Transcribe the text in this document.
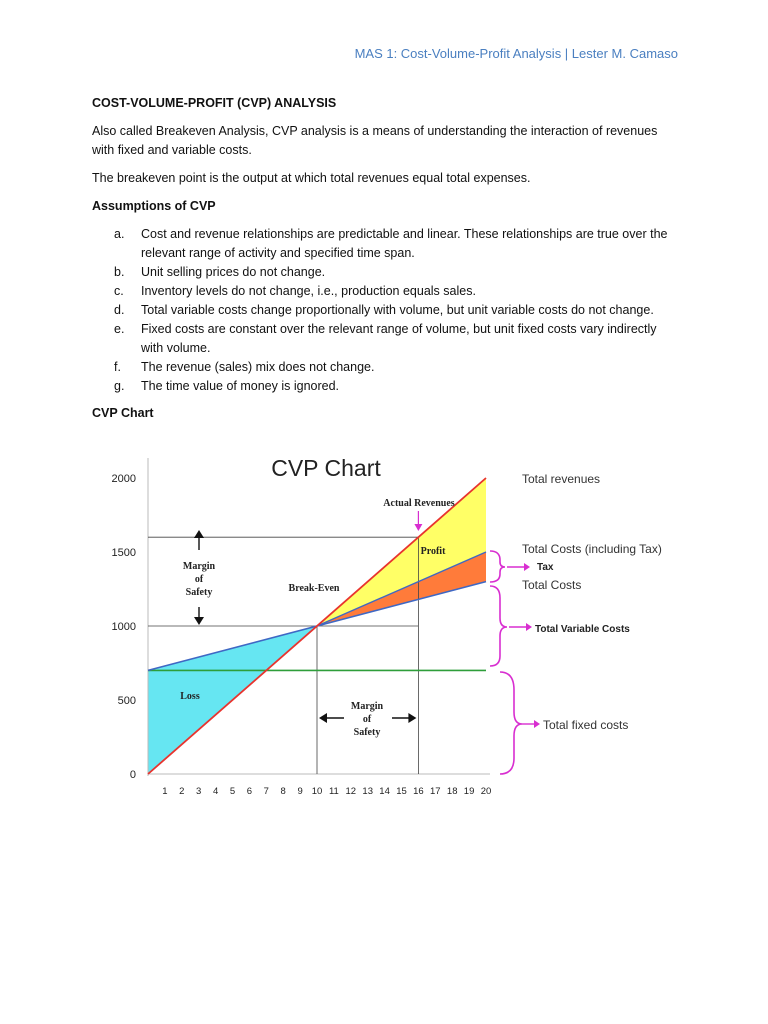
MAS 1: Cost-Volume-Profit Analysis | Lester M. Camaso
COST-VOLUME-PROFIT (CVP) ANALYSIS

Also called Breakeven Analysis, CVP analysis is a means of understanding the interaction of revenues with fixed and variable costs.

The breakeven point is the output at which total revenues equal total expenses.

Assumptions of CVP
a.	Cost and revenue relationships are predictable and linear. These relationships are true over the relevant range of activity and specified time span.
b.	Unit selling prices do not change.
c.	Inventory levels do not change, i.e., production equals sales.
d.	Total variable costs change proportionally with volume, but unit variable costs do not change.
e.	Fixed costs are constant over the relevant range of volume, but unit fixed costs vary indirectly with volume.
f.	The revenue (sales) mix does not change.
g.	The time value of money is ignored.
CVP Chart
0
500
1000
1500
2000
1 2 3 4 5 6 7 8 9 10 11 12 13 14 15 16 17 18 19 20
CVP Chart
Actual Revenues
Profit
Margin
of
Safety	Break-Even
Loss
Margin
of
Safety
Total revenues
Total Costs (including Tax)
Tax
Total Costs
Total Variable Costs
Total fixed costs
